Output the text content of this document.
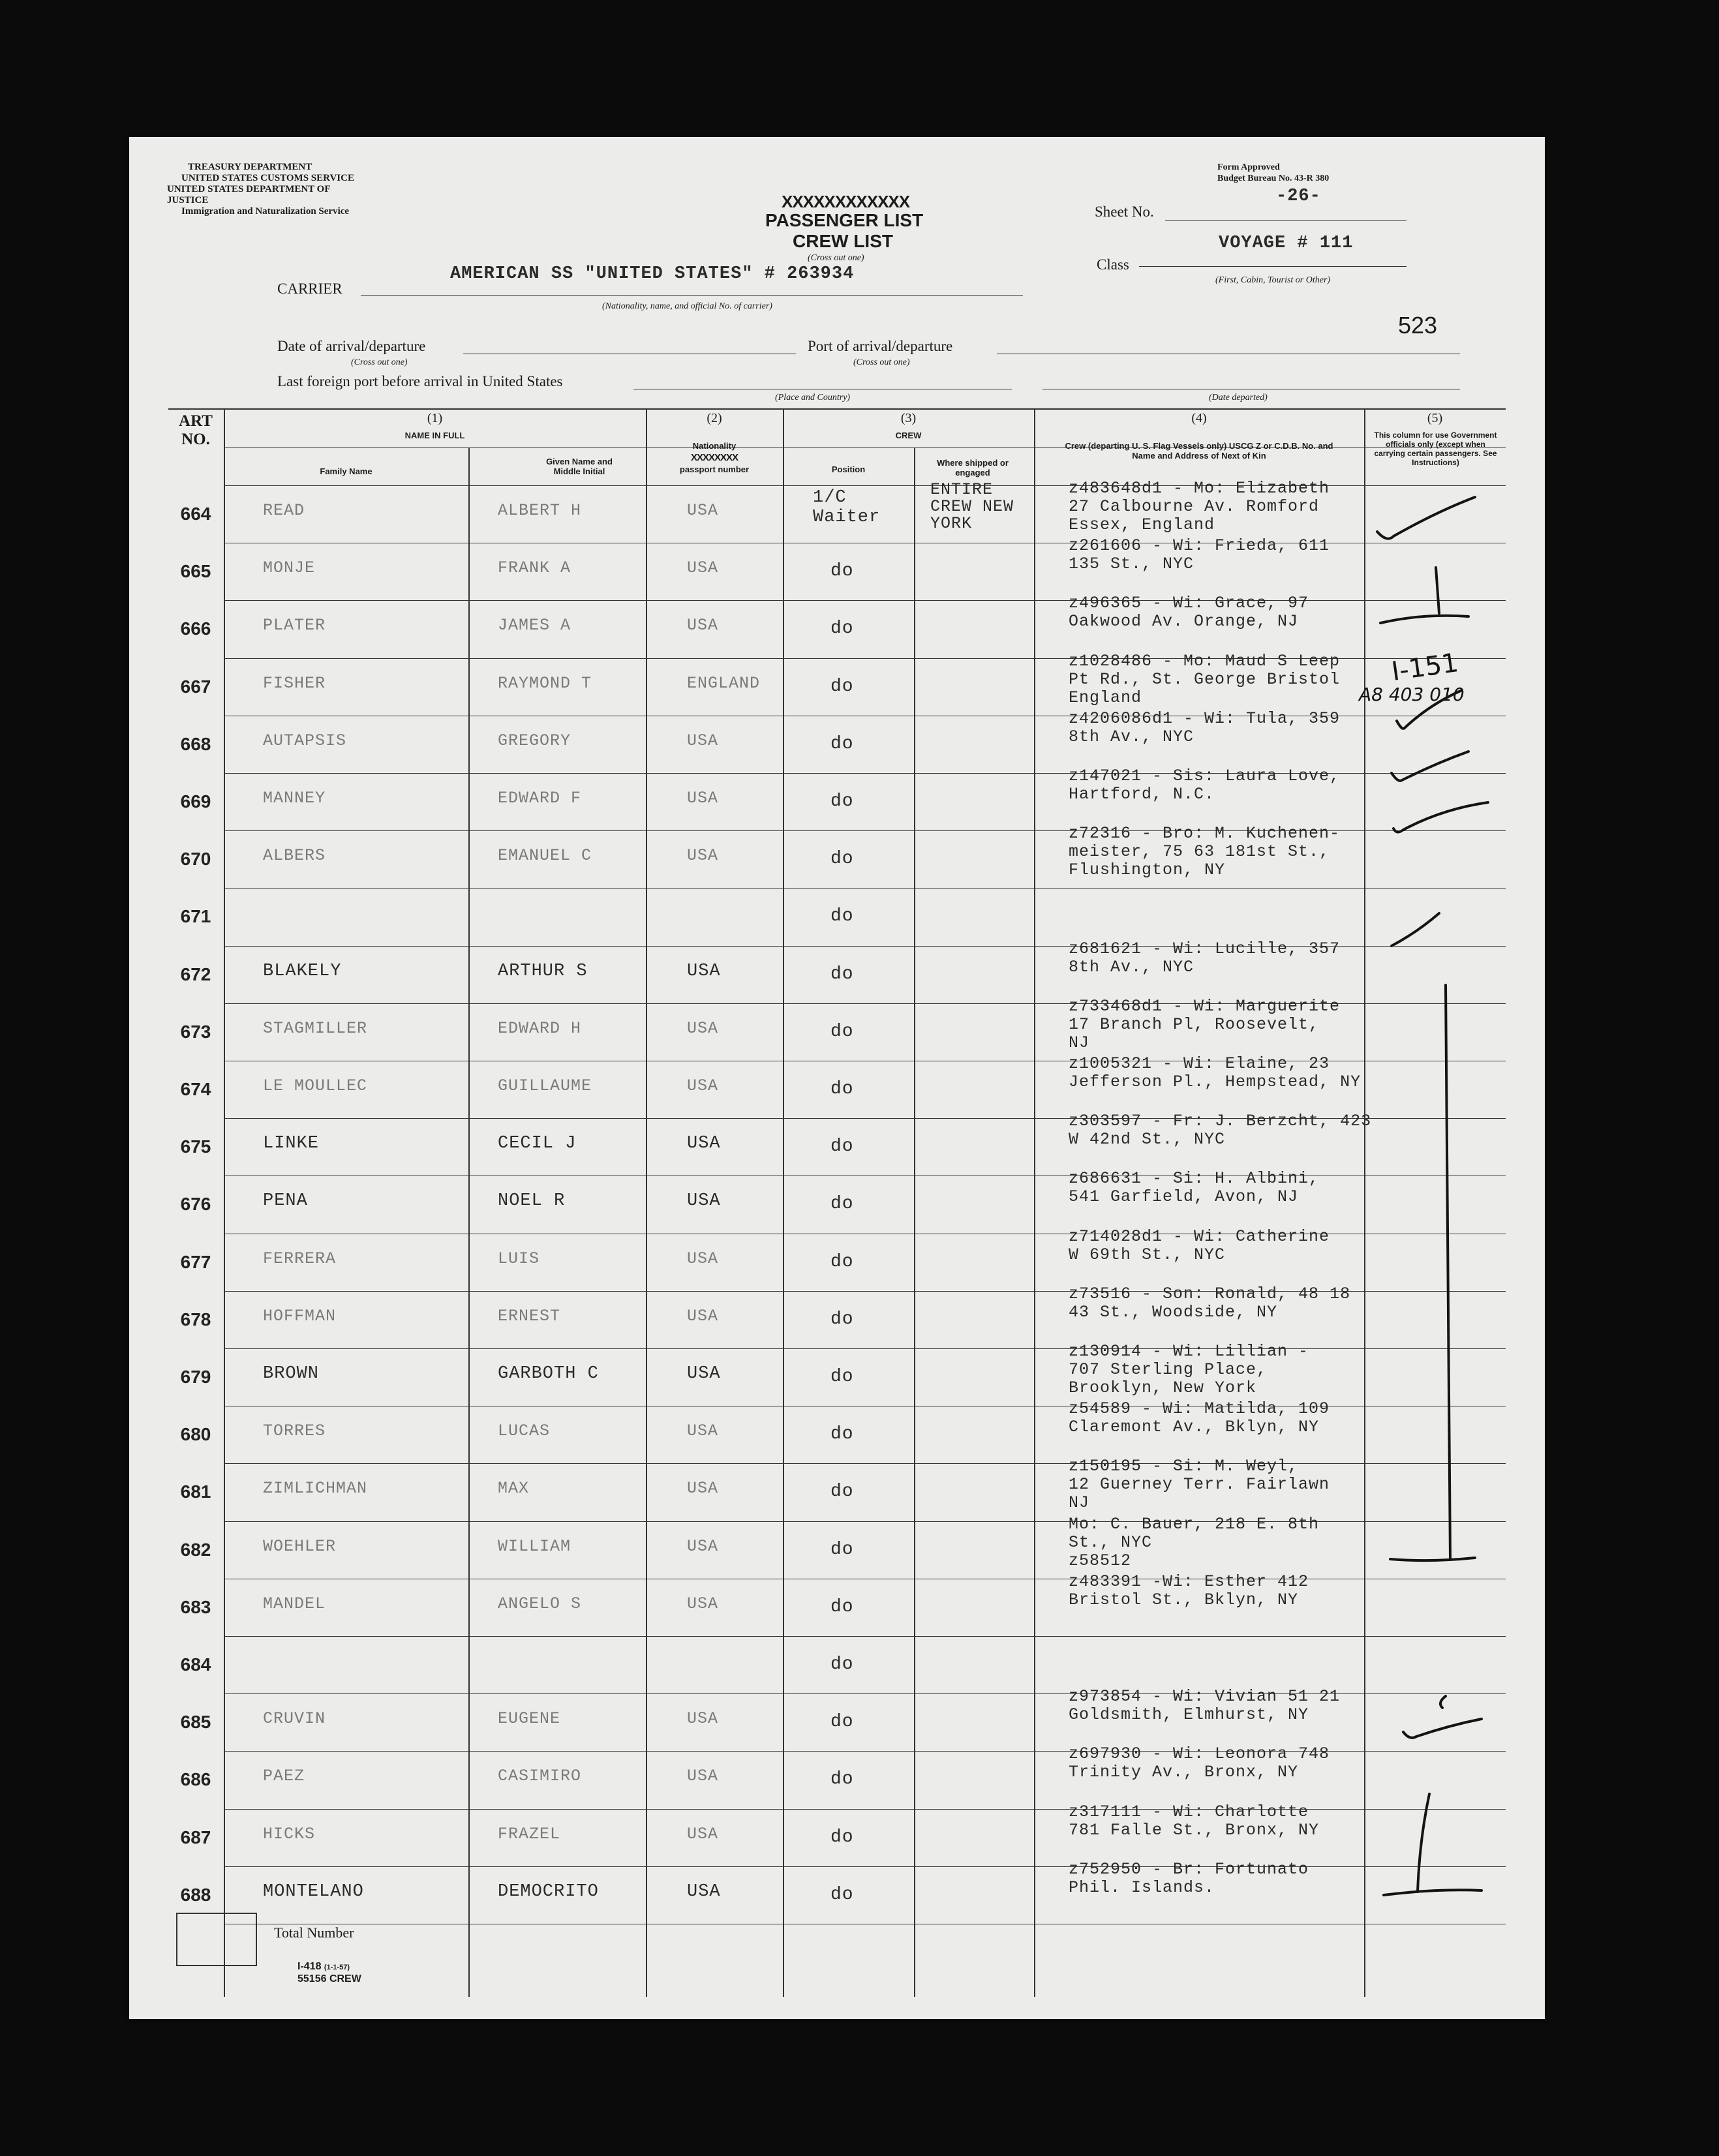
TREASURY DEPARTMENT
UNITED STATES CUSTOMS SERVICE
UNITED STATES DEPARTMENT OF JUSTICE
Immigration and Naturalization Service
Form Approved
Budget Bureau No. 43-R 380
XXXXXXXXXXXX
PASSENGER LIST
CREW LIST
(Cross out one)
Sheet No.
-26-
Class
VOYAGE # 111
(First, Cabin, Tourist or Other)
CARRIER
AMERICAN SS "UNITED STATES" # 263934
(Nationality, name, and official No. of carrier)
523
Date of arrival/departure
(Cross out one)
Port of arrival/departure
(Cross out one)
Last foreign port before arrival in United States
(Place and Country)	(Date departed)
ART NO.
(1)
NAME IN FULL
Family Name
Given Name and Middle Initial
(2)
Nationality
XXXXXXXX
passport number
(3)
CREW
Position
Where shipped or engaged
(4)
Crew (departing U. S. Flag Vessels only) USCG Z or C.D.B. No. and Name and Address of Next of Kin
(5)
This column for use Government officials only (except when carrying certain passengers. See Instructions)
664	READ	ALBERT H	USA
1/C Waiter
ENTIRE CREW NEW YORK
z483648d1 - Mo: Elizabeth
27 Calbourne Av. Romford
Essex, England
665	MONJE	FRANK A	USA	do
z261606 - Wi: Frieda, 611
135 St., NYC
666	PLATER	JAMES A	USA	do
z496365 - Wi: Grace, 97
Oakwood Av. Orange, NJ
667	FISHER	RAYMOND T	ENGLAND	do
z1028486 - Mo: Maud S Leep
Pt Rd., St. George Bristol
England
668	AUTAPSIS	GREGORY	USA	do
z4206086d1 - Wi: Tula, 359
8th Av., NYC
669	MANNEY	EDWARD F	USA	do
z147021 - Sis: Laura Love,
Hartford, N.C.
670	ALBERS	EMANUEL C	USA	do
z72316 - Bro: M. Kuchenen-
meister, 75 63 181st St.,
Flushington, NY
671	do
672	BLAKELY	ARTHUR S	USA	do
z681621 - Wi: Lucille, 357
8th Av., NYC
673	STAGMILLER	EDWARD H	USA	do
z733468d1 - Wi: Marguerite
17 Branch Pl, Roosevelt,
NJ
674	LE MOULLEC	GUILLAUME	USA	do
z1005321 - Wi: Elaine, 23
Jefferson Pl., Hempstead, NY
675	LINKE	CECIL J	USA	do
z303597 - Fr: J. Berzcht, 423
W 42nd St., NYC
676	PENA	NOEL R	USA	do
z686631 - Si: H. Albini,
541 Garfield, Avon, NJ
677	FERRERA	LUIS	USA	do
z714028d1 - Wi: Catherine
W 69th St., NYC
678	HOFFMAN	ERNEST	USA	do
z73516 - Son: Ronald, 48 18
43 St., Woodside, NY
679	BROWN	GARBOTH C	USA	do
z130914 - Wi: Lillian -
707 Sterling Place,
Brooklyn, New York
680	TORRES	LUCAS	USA	do
z54589 - Wi: Matilda, 109
Claremont Av., Bklyn, NY
681	ZIMLICHMAN	MAX	USA	do
z150195 - Si: M. Weyl,
12 Guerney Terr. Fairlawn
NJ
682	WOEHLER	WILLIAM	USA	do
Mo: C. Bauer, 218 E. 8th
St., NYC
z58512
683	MANDEL	ANGELO S	USA	do
z483391 -Wi: Esther 412
Bristol St., Bklyn, NY
684	do
685	CRUVIN	EUGENE	USA	do
z973854 - Wi: Vivian 51 21
Goldsmith, Elmhurst, NY
686	PAEZ	CASIMIRO	USA	do
z697930 - Wi: Leonora 748
Trinity Av., Bronx, NY
687	HICKS	FRAZEL	USA	do
z317111 - Wi: Charlotte
781 Falle St., Bronx, NY
688	MONTELANO	DEMOCRITO	USA	do
z752950 - Br: Fortunato
Phil. Islands.
I-151
A8 403 010
Total Number
I-418 (1-1-57)
55156 CREW
